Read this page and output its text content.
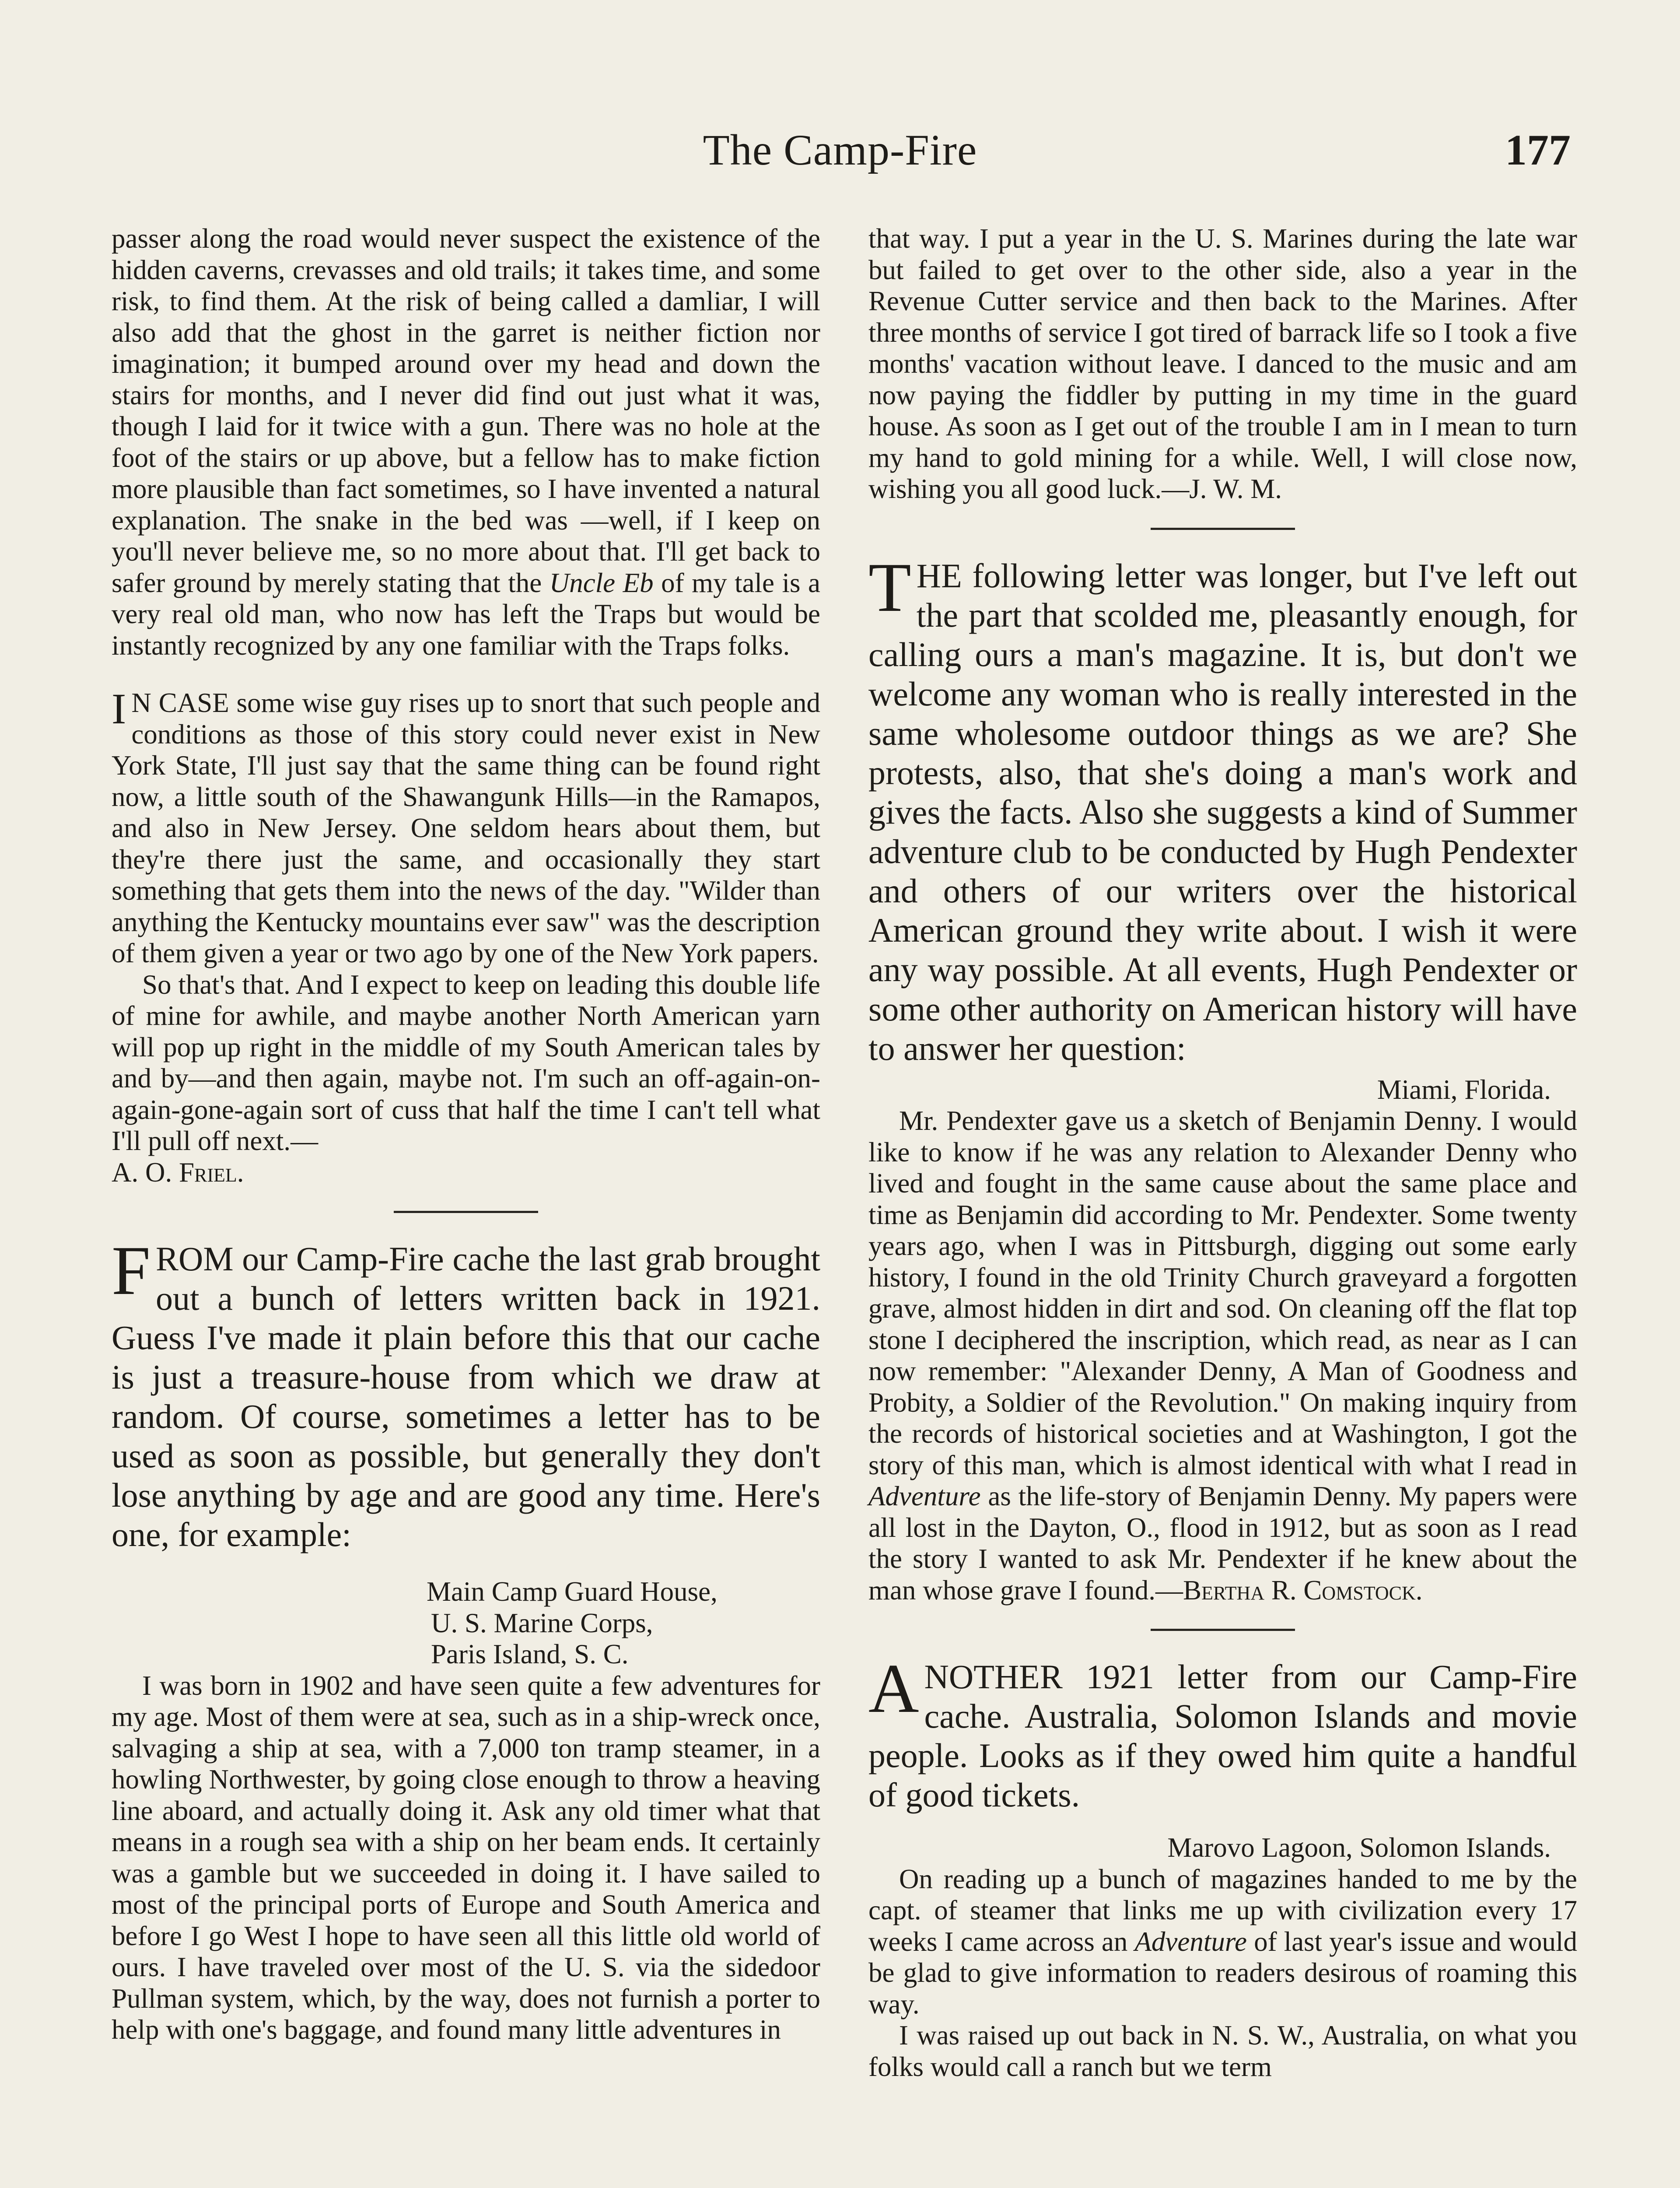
The Camp-Fire	177

passer along the road would never suspect the existence of the hidden caverns, crevasses and old trails; it takes time, and some risk, to find them. At the risk of being called a damliar, I will also add that the ghost in the garret is neither fiction nor imagination; it bumped around over my head and down the stairs for months, and I never did find out just what it was, though I laid for it twice with a gun. There was no hole at the foot of the stairs or up above, but a fellow has to make fiction more plausible than fact sometimes, so I have invented a natural explanation. The snake in the bed was —well, if I keep on you'll never believe me, so no more about that. I'll get back to safer ground by merely stating that the Uncle Eb of my tale is a very real old man, who now has left the Traps but would be instantly recognized by any one familiar with the Traps folks.

I N CASE some wise guy rises up to snort that such people and conditions as those of this story could never exist in New York State, I'll just say that the same thing can be found right now, a little south of the Shawangunk Hills—in the Ramapos, and also in New Jersey. One seldom hears about them, but they're there just the same, and occasionally they start something that gets them into the news of the day. "Wilder than anything the Kentucky mountains ever saw" was the description of them given a year or two ago by one of the New York papers.

So that's that. And I expect to keep on leading this double life of mine for awhile, and maybe another North American yarn will pop up right in the middle of my South American tales by and by—and then again, maybe not. I'm such an off-again-on-again-gone-again sort of cuss that half the time I can't tell what I'll pull off next.—
A. O. Friel.

FROM our Camp-Fire cache the last grab brought out a bunch of letters written back in 1921. Guess I've made it plain before this that our cache is just a treasure-house from which we draw at random. Of course, sometimes a letter has to be used as soon as possible, but generally they don't lose anything by age and are good any time. Here's one, for example:

Main Camp Guard House,

U. S. Marine Corps,

Paris Island, S. C.

I was born in 1902 and have seen quite a few adventures for my age. Most of them were at sea, such as in a ship-wreck once, salvaging a ship at sea, with a 7,000 ton tramp steamer, in a howling Northwester, by going close enough to throw a heaving line aboard, and actually doing it. Ask any old timer what that means in a rough sea with a ship on her beam ends. It certainly was a gamble but we succeeded in doing it. I have sailed to most of the principal ports of Europe and South America and before I go West I hope to have seen all this little old world of ours. I have traveled over most of the U. S. via the sidedoor Pullman system, which, by the way, does not furnish a porter to help with one's baggage, and found many little adventures in

that way. I put a year in the U. S. Marines during the late war but failed to get over to the other side, also a year in the Revenue Cutter service and then back to the Marines. After three months of service I got tired of barrack life so I took a five months' vacation without leave. I danced to the music and am now paying the fiddler by putting in my time in the guard house. As soon as I get out of the trouble I am in I mean to turn my hand to gold mining for a while. Well, I will close now, wishing you all good luck.—J. W. M.

THE following letter was longer, but I've left out the part that scolded me, pleasantly enough, for calling ours a man's magazine. It is, but don't we welcome any woman who is really interested in the same wholesome outdoor things as we are? She protests, also, that she's doing a man's work and gives the facts. Also she suggests a kind of Summer adventure club to be conducted by Hugh Pendexter and others of our writers over the historical American ground they write about. I wish it were any way possible. At all events, Hugh Pendexter or some other authority on American history will have to answer her question:

Miami, Florida.

Mr. Pendexter gave us a sketch of Benjamin Denny. I would like to know if he was any relation to Alexander Denny who lived and fought in the same cause about the same place and time as Benjamin did according to Mr. Pendexter. Some twenty years ago, when I was in Pittsburgh, digging out some early history, I found in the old Trinity Church graveyard a forgotten grave, almost hidden in dirt and sod. On cleaning off the flat top stone I deciphered the inscription, which read, as near as I can now remember: "Alexander Denny, A Man of Goodness and Probity, a Soldier of the Revolution." On making inquiry from the records of historical societies and at Washington, I got the story of this man, which is almost identical with what I read in Adventure as the life-story of Benjamin Denny. My papers were all lost in the Dayton, O., flood in 1912, but as soon as I read the story I wanted to ask Mr. Pendexter if he knew about the man whose grave I found.—Bertha R. Comstock.

ANOTHER 1921 letter from our Camp-Fire cache. Australia, Solomon Islands and movie people. Looks as if they owed him quite a handful of good tickets.

Marovo Lagoon, Solomon Islands.

On reading up a bunch of magazines handed to me by the capt. of steamer that links me up with civilization every 17 weeks I came across an Adventure of last year's issue and would be glad to give information to readers desirous of roaming this way.

I was raised up out back in N. S. W., Australia, on what you folks would call a ranch but we term
